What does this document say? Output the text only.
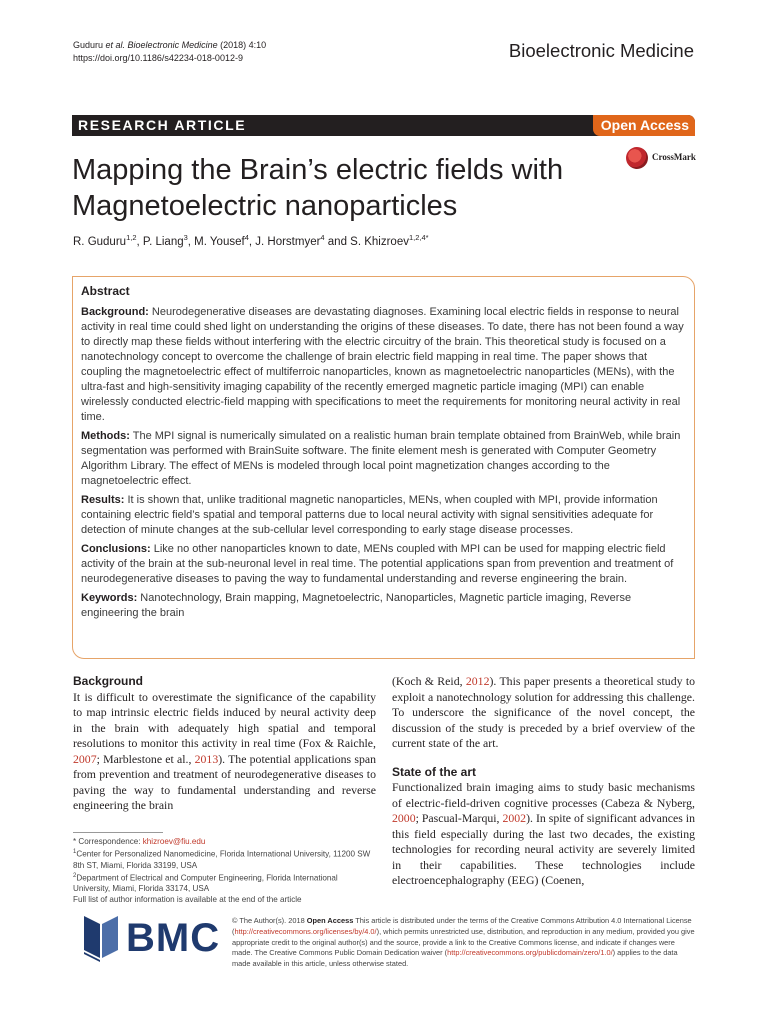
Guduru et al. Bioelectronic Medicine (2018) 4:10
https://doi.org/10.1186/s42234-018-0012-9	Bioelectronic Medicine
RESEARCH ARTICLE	Open Access
Mapping the Brain’s electric fields with
Magnetoelectric nanoparticles
CrossMark
R. Guduru$^{1,2}$, P. Liang$^3$, M. Yousef$^4$, J. Horstmyer$^4$ and S. Khizroev$^{1,2,4*}$
Abstract

Background: Neurodegenerative diseases are devastating diagnoses. Examining local electric fields in response to neural activity in real time could shed light on understanding the origins of these diseases. To date, there has not been found a way to directly map these fields without interfering with the electric circuitry of the brain. This theoretical study is focused on a nanotechnology concept to overcome the challenge of brain electric field mapping in real time. The paper shows that coupling the magnetoelectric effect of multiferroic nanoparticles, known as magnetoelectric nanoparticles (MENs), with the ultra-fast and high-sensitivity imaging capability of the recently emerged magnetic particle imaging (MPI) can enable wirelessly conducted electric-field mapping with specifications to meet the requirements for monitoring neural activity in real time.

Methods: The MPI signal is numerically simulated on a realistic human brain template obtained from BrainWeb, while brain segmentation was performed with BrainSuite software. The finite element mesh is generated with Computer Geometry Algorithm Library. The effect of MENs is modeled through local point magnetization changes according to the magnetoelectric effect.

Results: It is shown that, unlike traditional magnetic nanoparticles, MENs, when coupled with MPI, provide information containing electric field’s spatial and temporal patterns due to local neural activity with signal sensitivities adequate for detection of minute changes at the sub-cellular level corresponding to early stage disease processes.

Conclusions: Like no other nanoparticles known to date, MENs coupled with MPI can be used for mapping electric field activity of the brain at the sub-neuronal level in real time. The potential applications span from prevention and treatment of neurodegenerative diseases to paving the way to fundamental understanding and reverse engineering the brain.

Keywords: Nanotechnology, Brain mapping, Magnetoelectric, Nanoparticles, Magnetic particle imaging, Reverse engineering the brain

Background

It is difficult to overestimate the significance of the capability to map intrinsic electric fields induced by neural activity deep in the brain with adequately high spatial and temporal resolutions to monitor this activity in real time (Fox & Raichle, 2007; Marblestone et al., 2013). The potential applications span from prevention and treatment of neurodegenerative diseases to paving the way to fundamental understanding and reverse engineering the brain

(Koch & Reid, 2012). This paper presents a theoretical study to exploit a nanotechnology solution for addressing this challenge. To underscore the significance of the novel concept, the discussion of the study is preceded by a brief overview of the current state of the art.

State of the art

Functionalized brain imaging aims to study basic mechanisms of electric-field-driven cognitive processes (Cabeza & Nyberg, 2000; Pascual-Marqui, 2002). In spite of significant advances in this field especially during the last two decades, the existing technologies for recording neural activity are severely limited in their capabilities. These technologies include electroencephalography (EEG) (Coenen,

* Correspondence: khizroev@fiu.edu

$^1$Center for Personalized Nanomedicine, Florida International University, 11200 SW 8th ST, Miami, Florida 33199, USA

$^2$Department of Electrical and Computer Engineering, Florida International University, Miami, Florida 33174, USA

Full list of author information is available at the end of the article

BMC © The Author(s). 2018 Open Access This article is distributed under the terms of the Creative Commons Attribution 4.0 International License (http://creativecommons.org/licenses/by/4.0/), which permits unrestricted use, distribution, and reproduction in any medium, provided you give appropriate credit to the original author(s) and the source, provide a link to the Creative Commons license, and indicate if changes were made. The Creative Commons Public Domain Dedication waiver (http://creativecommons.org/publicdomain/zero/1.0/) applies to the data made available in this article, unless otherwise stated.
